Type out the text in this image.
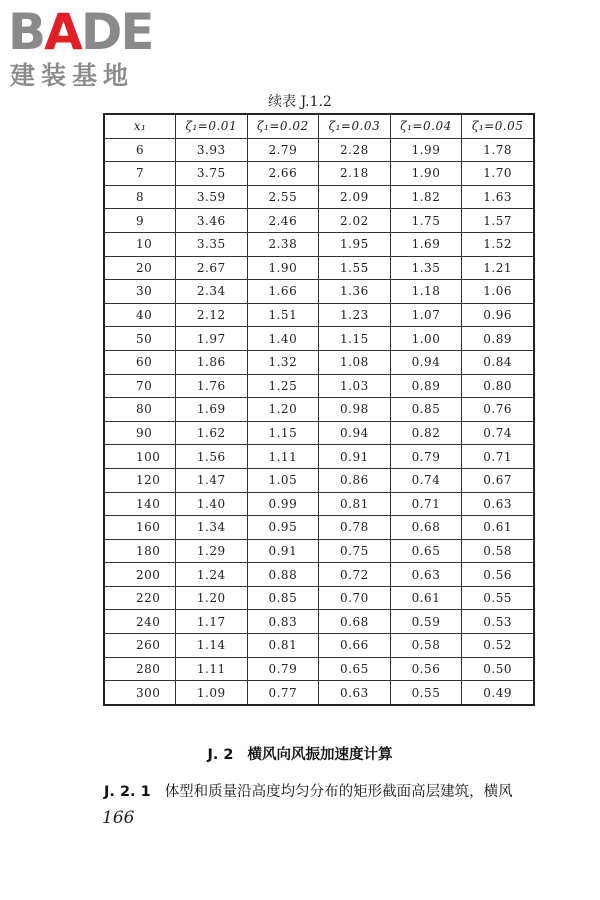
BADE
建装基地
续表 J.1.2
x₁	ζ₁=0.01	ζ₁=0.02	ζ₁=0.03	ζ₁=0.04	ζ₁=0.05
6	3.93	2.79	2.28	1.99	1.78
7	3.75	2.66	2.18	1.90	1.70
8	3.59	2.55	2.09	1.82	1.63
9	3.46	2.46	2.02	1.75	1.57
10	3.35	2.38	1.95	1.69	1.52
20	2.67	1.90	1.55	1.35	1.21
30	2.34	1.66	1.36	1.18	1.06
40	2.12	1.51	1.23	1.07	0.96
50	1.97	1.40	1.15	1.00	0.89
60	1.86	1.32	1.08	0.94	0.84
70	1.76	1.25	1.03	0.89	0.80
80	1.69	1.20	0.98	0.85	0.76
90	1.62	1.15	0.94	0.82	0.74
100	1.56	1.11	0.91	0.79	0.71
120	1.47	1.05	0.86	0.74	0.67
140	1.40	0.99	0.81	0.71	0.63
160	1.34	0.95	0.78	0.68	0.61
180	1.29	0.91	0.75	0.65	0.58
200	1.24	0.88	0.72	0.63	0.56
220	1.20	0.85	0.70	0.61	0.55
240	1.17	0.83	0.68	0.59	0.53
260	1.14	0.81	0.66	0.58	0.52
280	1.11	0.79	0.65	0.56	0.50
300	1.09	0.77	0.63	0.55	0.49
J. 2 横风向风振加速度计算
J. 2. 1 体型和质量沿高度均匀分布的矩形截面高层建筑，横风
166
